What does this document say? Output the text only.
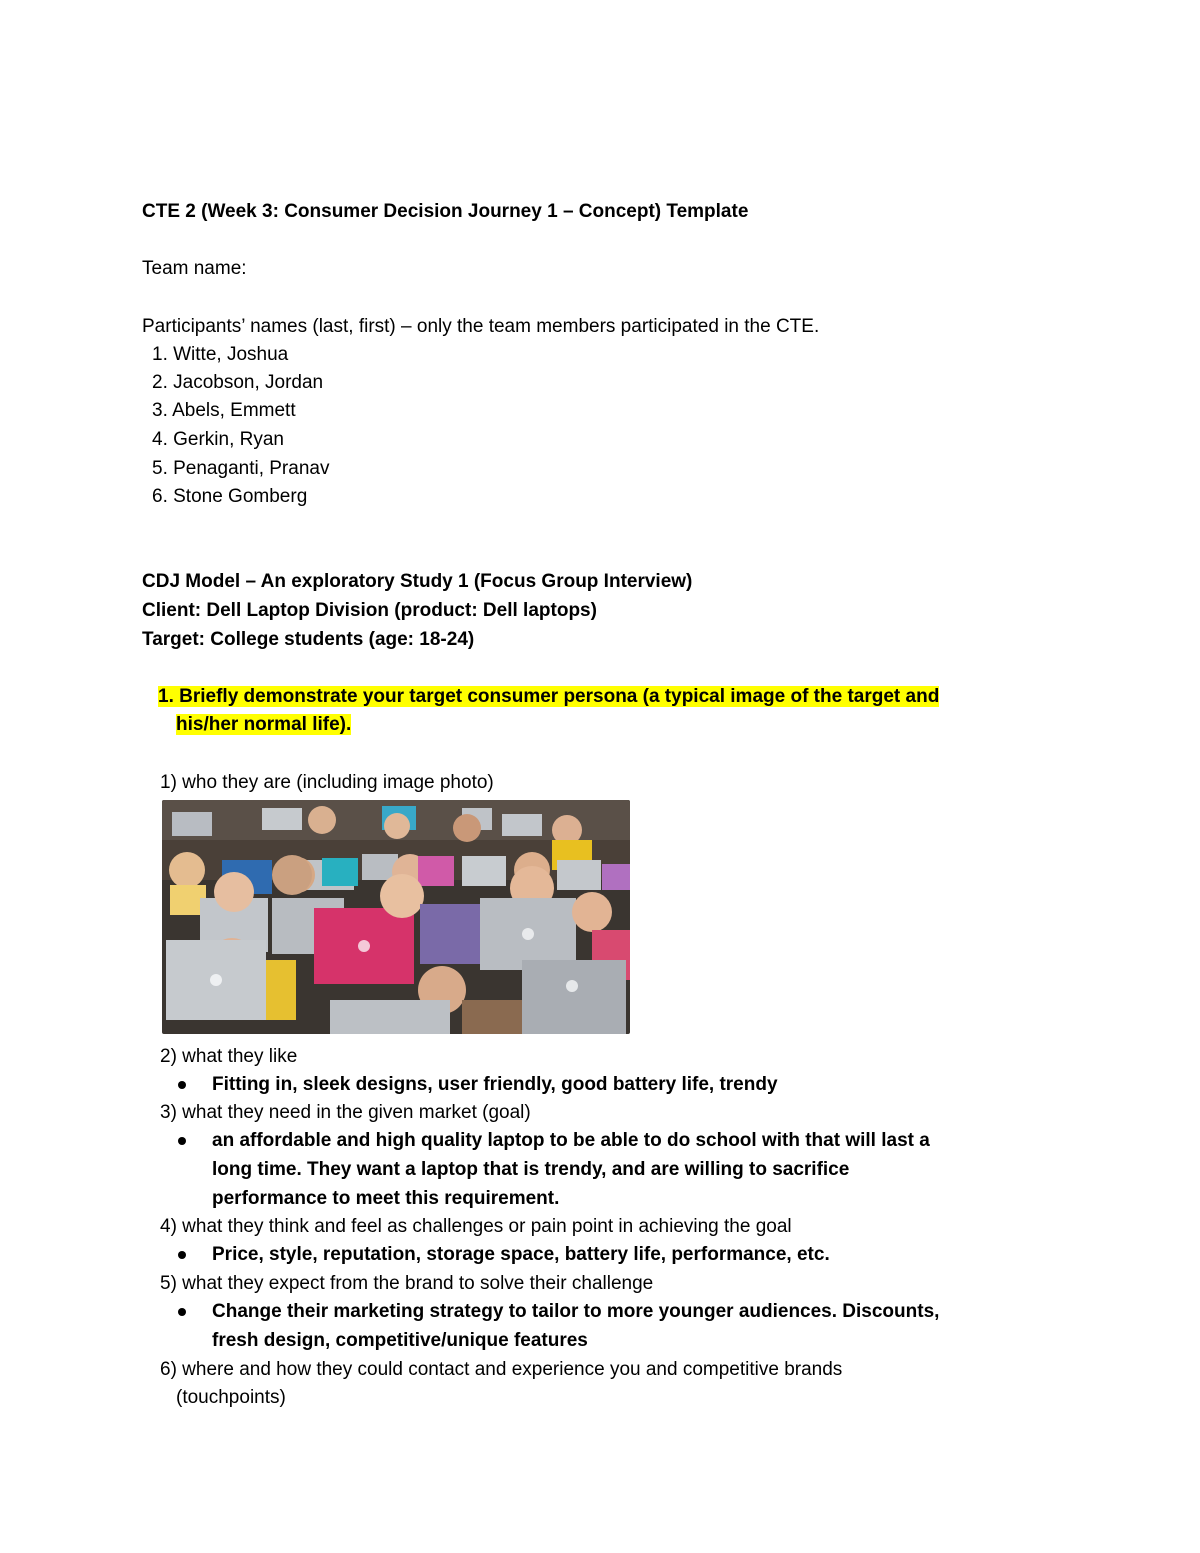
CTE 2 (Week 3: Consumer Decision Journey 1 – Concept) Template
Team name:
Participants’ names (last, first) – only the team members participated in the CTE.
1. Witte, Joshua
2. Jacobson, Jordan
3. Abels, Emmett
4. Gerkin, Ryan
5. Penaganti, Pranav
6. Stone Gomberg
CDJ Model – An exploratory Study 1 (Focus Group Interview)
Client: Dell Laptop Division (product: Dell laptops)
Target: College students (age: 18-24)
1. Briefly demonstrate your target consumer persona (a typical image of the target and
his/her normal life).
1) who they are (including image photo)
2) what they like
Fitting in, sleek designs, user friendly, good battery life, trendy
3) what they need in the given market (goal)
an affordable and high quality laptop to be able to do school with that will last a
long time. They want a laptop that is trendy, and are willing to sacrifice
performance to meet this requirement.
4) what they think and feel as challenges or pain point in achieving the goal
Price, style, reputation, storage space, battery life, performance, etc.
5) what they expect from the brand to solve their challenge
Change their marketing strategy to tailor to more younger audiences. Discounts,
fresh design, competitive/unique features
6) where and how they could contact and experience you and competitive brands
(touchpoints)
